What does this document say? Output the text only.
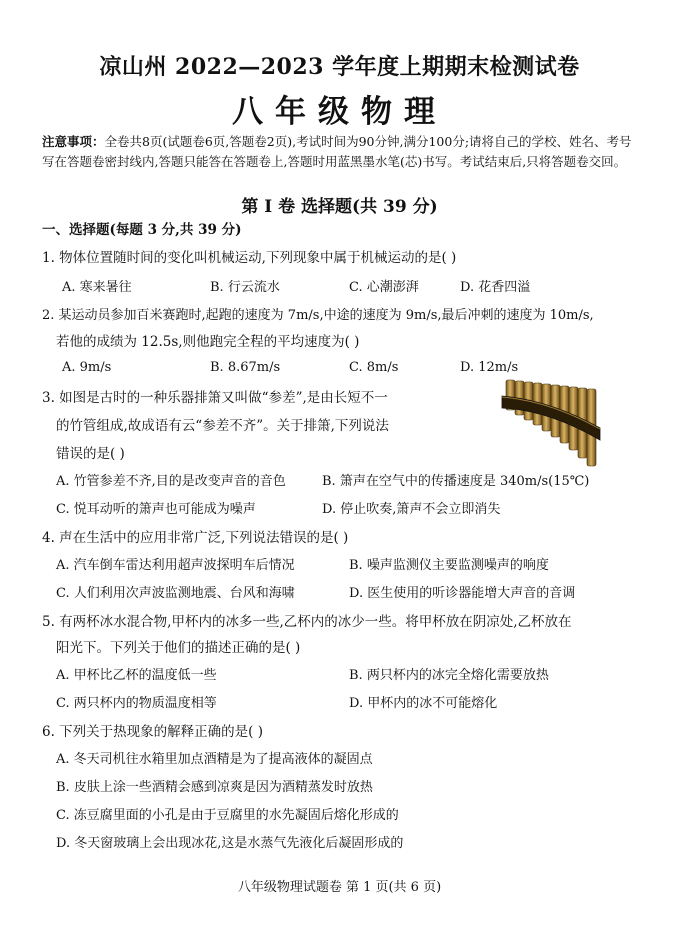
凉山州 2022—2023 学年度上期期末检测试卷
八年级物理
注意事项：全卷共8页(试题卷6页,答题卷2页),考试时间为90分钟,满分100分;请将自己的学校、姓名、考号写在答题卷密封线内,答题只能答在答题卷上,答题时用蓝黑墨水笔(芯)书写。考试结束后,只将答题卷交回。
第 Ⅰ 卷 选择题(共 39 分)
一、选择题(每题 3 分,共 39 分)
1. 物体位置随时间的变化叫机械运动,下列现象中属于机械运动的是( )
A. 寒来暑往	B. 行云流水	C. 心潮澎湃	D. 花香四溢
2. 某运动员参加百米赛跑时,起跑的速度为 7m/s,中途的速度为 9m/s,最后冲刺的速度为 10m/s,
若他的成绩为 12.5s,则他跑完全程的平均速度为( )
A. 9m/s	B. 8.67m/s	C. 8m/s	D. 12m/s
3. 如图是古时的一种乐器排箫又叫做“参差”,是由长短不一
的竹管组成,故成语有云“参差不齐”。关于排箫,下列说法
错误的是( )
A. 竹管参差不齐,目的是改变声音的音色	B. 箫声在空气中的传播速度是 340m/s(15℃)
C. 悦耳动听的箫声也可能成为噪声	D. 停止吹奏,箫声不会立即消失
4. 声在生活中的应用非常广泛,下列说法错误的是( )
A. 汽车倒车雷达利用超声波探明车后情况	B. 噪声监测仪主要监测噪声的响度
C. 人们利用次声波监测地震、台风和海啸	D. 医生使用的听诊器能增大声音的音调
5. 有两杯冰水混合物,甲杯内的冰多一些,乙杯内的冰少一些。将甲杯放在阴凉处,乙杯放在
阳光下。下列关于他们的描述正确的是( )
A. 甲杯比乙杯的温度低一些	B. 两只杯内的冰完全熔化需要放热
C. 两只杯内的物质温度相等	D. 甲杯内的冰不可能熔化
6. 下列关于热现象的解释正确的是( )
A. 冬天司机往水箱里加点酒精是为了提高液体的凝固点
B. 皮肤上涂一些酒精会感到凉爽是因为酒精蒸发时放热
C. 冻豆腐里面的小孔是由于豆腐里的水先凝固后熔化形成的
D. 冬天窗玻璃上会出现冰花,这是水蒸气先液化后凝固形成的
八年级物理试题卷 第 1 页(共 6 页)
